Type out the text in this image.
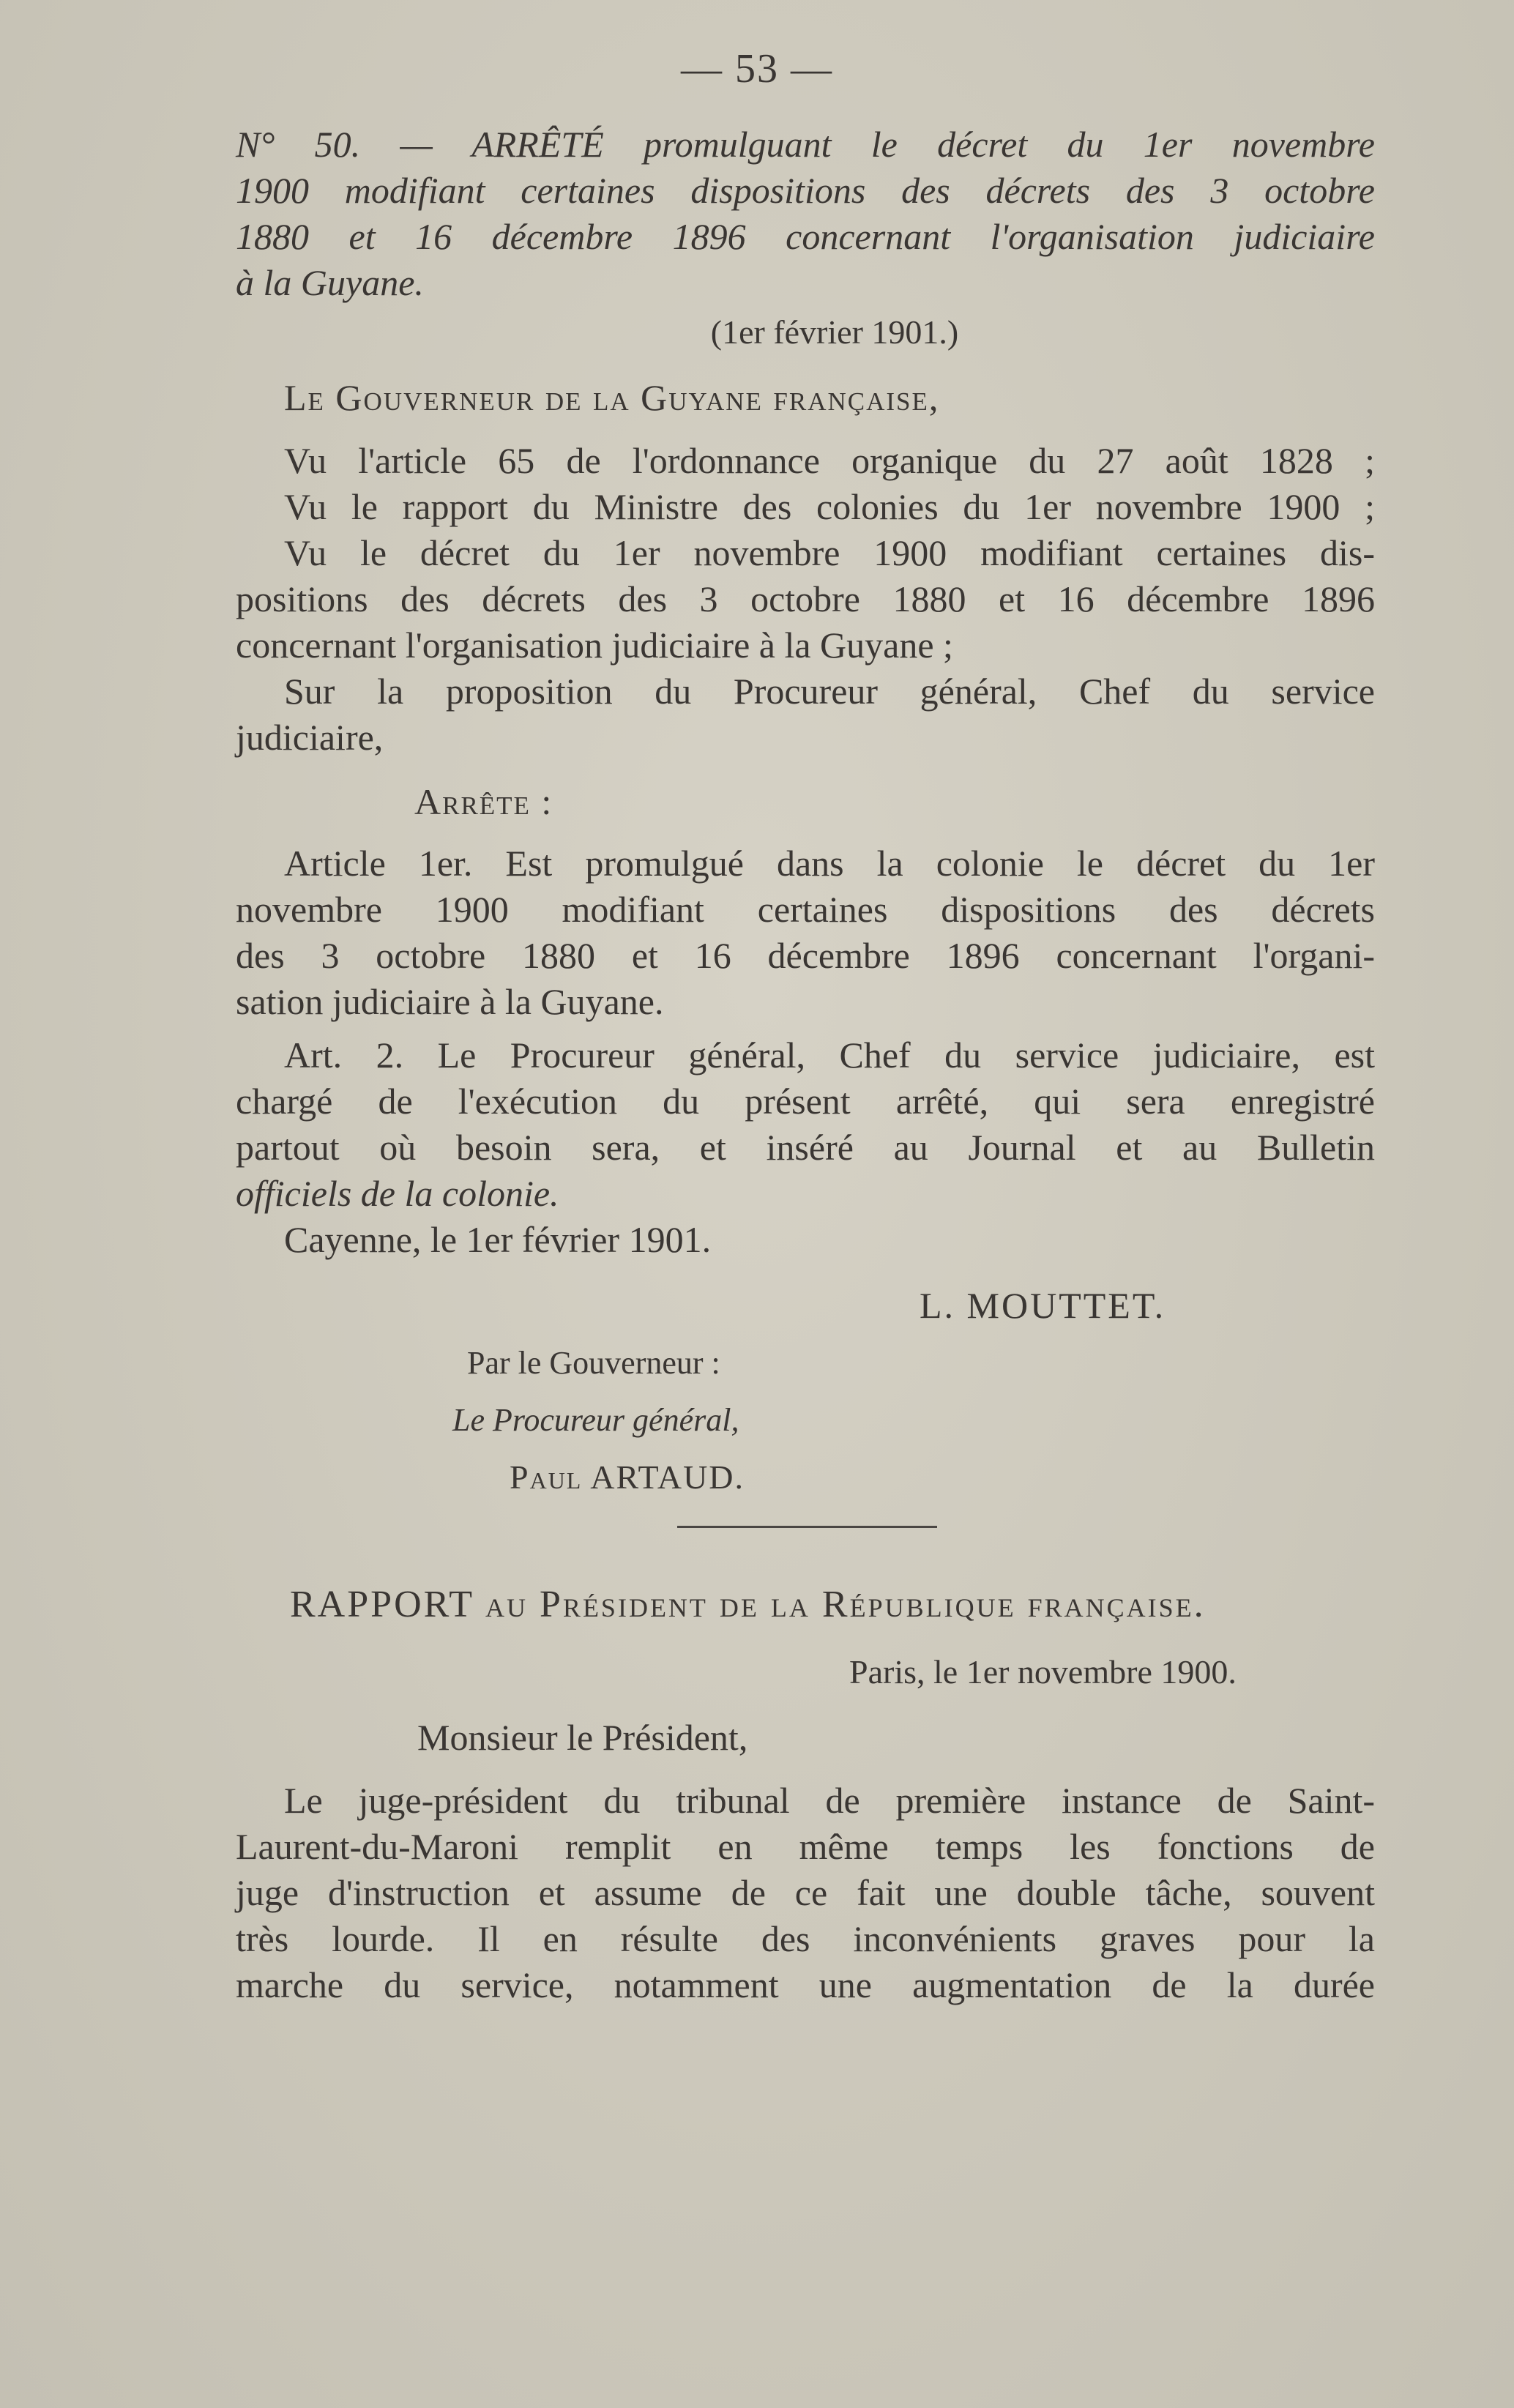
— 53 —
N° 50. — ARRÊTÉ promulguant le décret du 1er novembre
1900 modifiant certaines dispositions des décrets des 3 octobre
1880 et 16 décembre 1896 concernant l'organisation judiciaire
à la Guyane.
(1er février 1901.)
Le Gouverneur de la Guyane française,
Vu l'article 65 de l'ordonnance organique du 27 août 1828 ;
Vu le rapport du Ministre des colonies du 1er novembre 1900 ;
Vu le décret du 1er novembre 1900 modifiant certaines dis-
positions des décrets des 3 octobre 1880 et 16 décembre 1896
concernant l'organisation judiciaire à la Guyane ;
Sur la proposition du Procureur général, Chef du service
judiciaire,
Arrête :
Article 1er. Est promulgué dans la colonie le décret du 1er
novembre 1900 modifiant certaines dispositions des décrets
des 3 octobre 1880 et 16 décembre 1896 concernant l'organi-
sation judiciaire à la Guyane.
Art. 2. Le Procureur général, Chef du service judiciaire, est
chargé de l'exécution du présent arrêté, qui sera enregistré
partout où besoin sera, et inséré au Journal et au Bulletin
officiels de la colonie.
Cayenne, le 1er février 1901.
L. MOUTTET.
Par le Gouverneur :
Le Procureur général,
Paul ARTAUD.
RAPPORT au Président de la République française.
Paris, le 1er novembre 1900.
Monsieur le Président,
Le juge-président du tribunal de première instance de Saint-
Laurent-du-Maroni remplit en même temps les fonctions de
juge d'instruction et assume de ce fait une double tâche, souvent
très lourde. Il en résulte des inconvénients graves pour la
marche du service, notamment une augmentation de la durée
